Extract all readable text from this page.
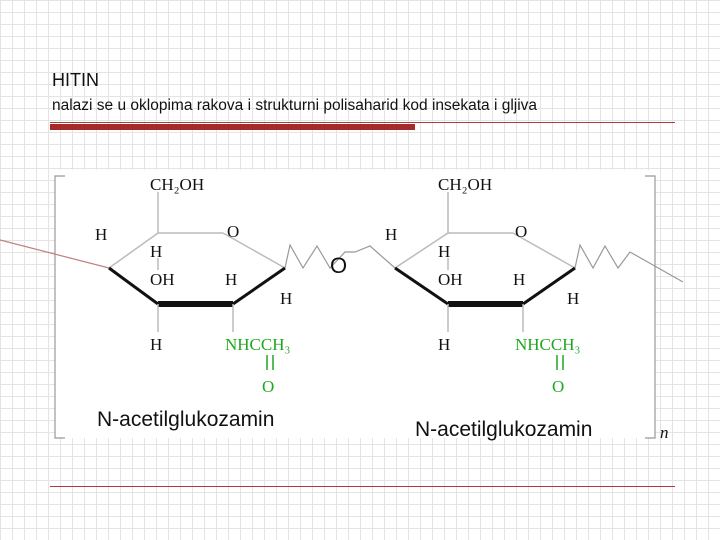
HITIN
nalazi se u oklopima rakova i strukturni polisaharid kod insekata i gljiva
CH₂OH
O
H
H
OH	H
H
H	NHCCH₃
O
O
CH₂OH
O
H
H
OH	H
H
H	NHCCH₃
O
N-acetilglukozamin	N-acetilglukozamin	n
